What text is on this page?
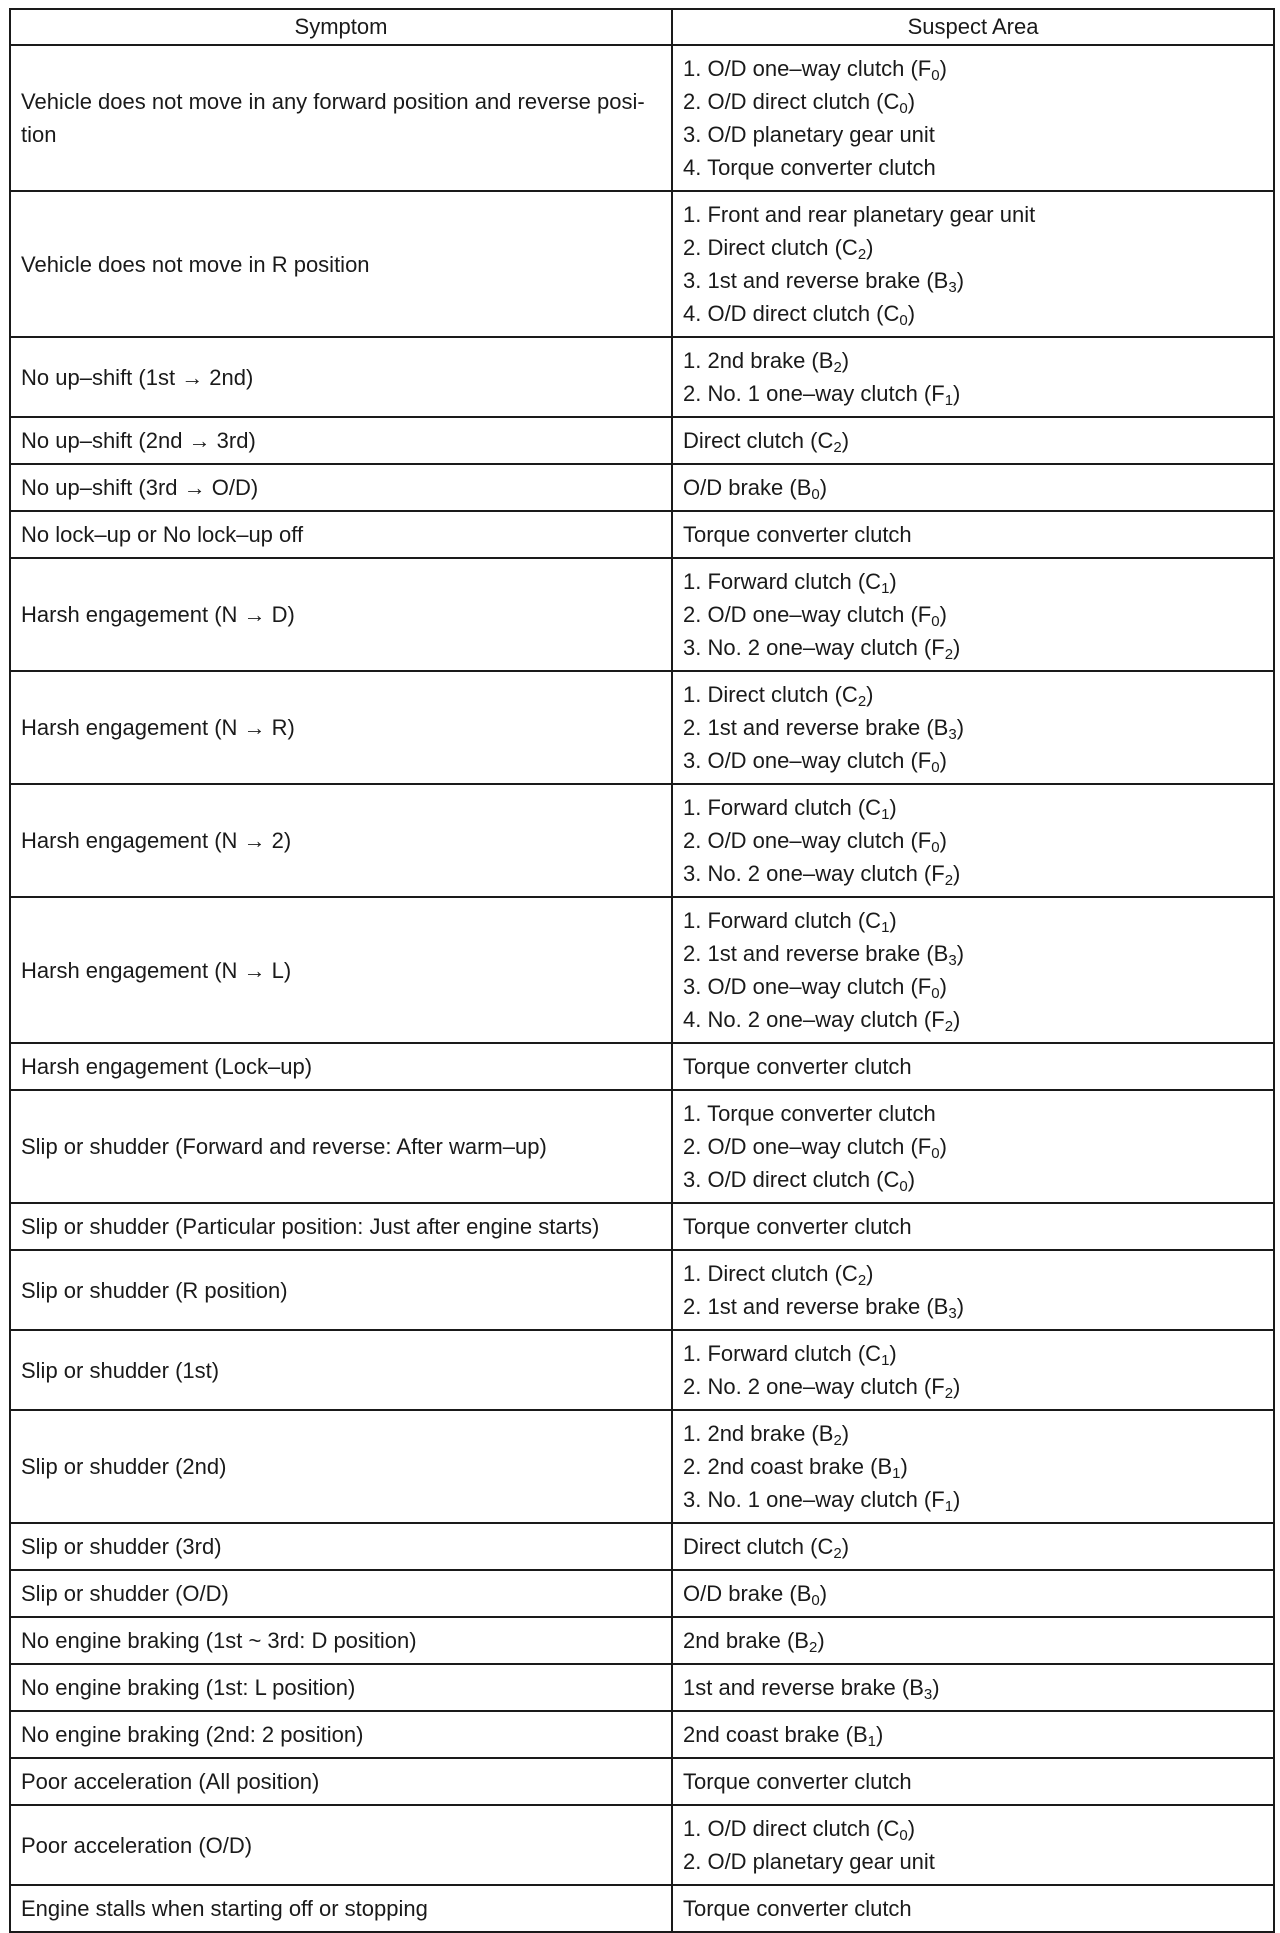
Symptom	Suspect Area

Vehicle does not move in any forward position and reverse posi- tion	1. O/D one–way clutch $(F_0)$
2. O/D direct clutch $(C_0)$
3. O/D planetary gear unit
4. Torque converter clutch

Vehicle does not move in R position	1. Front and rear planetary gear unit
2. Direct clutch $(C_2)$
3. 1st and reverse brake $(B_3)$
4. O/D direct clutch $(C_0)$

No up–shift (1st → 2nd)	1. 2nd brake $(B_2)$
2. No. 1 one–way clutch $(F_1)$

No up–shift (2nd → 3rd)	Direct clutch $(C_2)$

No up–shift (3rd → O/D)	O/D brake $(B_0)$

No lock–up or No lock–up off	Torque converter clutch

Harsh engagement (N → D)	1. Forward clutch $(C_1)$
2. O/D one–way clutch $(F_0)$
3. No. 2 one–way clutch $(F_2)$

Harsh engagement (N → R)	1. Direct clutch $(C_2)$
2. 1st and reverse brake $(B_3)$
3. O/D one–way clutch $(F_0)$

Harsh engagement (N → 2)	1. Forward clutch $(C_1)$
2. O/D one–way clutch $(F_0)$
3. No. 2 one–way clutch $(F_2)$

Harsh engagement (N → L)	1. Forward clutch $(C_1)$
2. 1st and reverse brake $(B_3)$
3. O/D one–way clutch $(F_0)$
4. No. 2 one–way clutch $(F_2)$

Harsh engagement (Lock–up)	Torque converter clutch

Slip or shudder (Forward and reverse: After warm–up)	1. Torque converter clutch
2. O/D one–way clutch $(F_0)$
3. O/D direct clutch $(C_0)$

Slip or shudder (Particular position: Just after engine starts)	Torque converter clutch

Slip or shudder (R position)	1. Direct clutch $(C_2)$
2. 1st and reverse brake $(B_3)$

Slip or shudder (1st)	1. Forward clutch $(C_1)$
2. No. 2 one–way clutch $(F_2)$

Slip or shudder (2nd)	1. 2nd brake $(B_2)$
2. 2nd coast brake $(B_1)$
3. No. 1 one–way clutch $(F_1)$

Slip or shudder (3rd)	Direct clutch $(C_2)$

Slip or shudder (O/D)	O/D brake $(B_0)$

No engine braking (1st ~ 3rd: D position)	2nd brake $(B_2)$

No engine braking (1st: L position)	1st and reverse brake $(B_3)$

No engine braking (2nd: 2 position)	2nd coast brake $(B_1)$

Poor acceleration (All position)	Torque converter clutch

Poor acceleration (O/D)	1. O/D direct clutch $(C_0)$
2. O/D planetary gear unit

Engine stalls when starting off or stopping	Torque converter clutch
